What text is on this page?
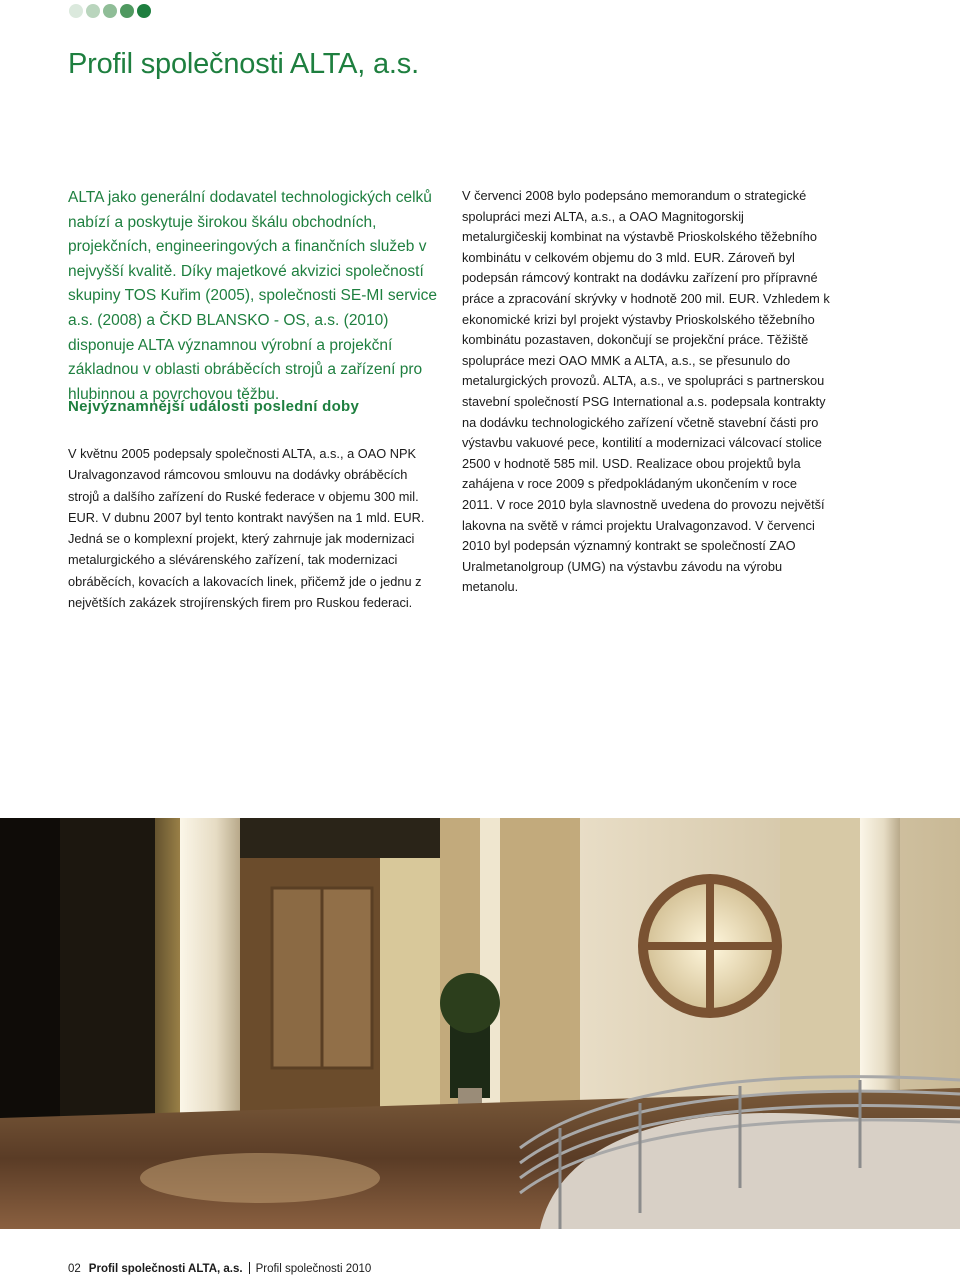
Profil společnosti ALTA, a.s.

ALTA jako generální dodavatel technologických celků nabízí a poskytuje širokou škálu obchodních, projekčních, engineeringových a finančních služeb v nejvyšší kvalitě. Díky majetkové akvizici společností skupiny TOS Kuřim (2005), společnosti SE-MI service a.s. (2008) a ČKD BLANSKO - OS, a.s. (2010) disponuje ALTA významnou výrobní a projekční základnou v oblasti obráběcích strojů a zařízení pro hlubinnou a povrchovou těžbu.

Nejvýznamnější události poslední doby

V květnu 2005 podepsaly společnosti ALTA, a.s., a OAO NPK Uralvagonzavod rámcovou smlouvu na dodávky obráběcích strojů a dalšího zařízení do Ruské federace v objemu 300 mil. EUR. V dubnu 2007 byl tento kontrakt navýšen na 1 mld. EUR. Jedná se o komplexní projekt, který zahrnuje jak modernizaci metalurgického a slévárenského zařízení, tak modernizaci obráběcích, kovacích a lakovacích linek, přičemž jde o jednu z největších zakázek strojírenských firem pro Ruskou federaci.

V červenci 2008 bylo podepsáno memorandum o strategické spolupráci mezi ALTA, a.s., a OAO Magnitogorskij metalurgičeskij kombinat na výstavbě Prioskolského těžebního kombinátu v celkovém objemu do 3 mld. EUR. Zároveň byl podepsán rámcový kontrakt na dodávku zařízení pro přípravné práce a zpracování skrývky v hodnotě 200 mil. EUR. Vzhledem k ekonomické krizi byl projekt výstavby Prioskolského těžebního kombinátu pozastaven, dokončují se projekční práce. Těžiště spolupráce mezi OAO MMK a ALTA, a.s., se přesunulo do metalurgických provozů. ALTA, a.s., ve spolupráci s partnerskou stavební společností PSG International a.s. podepsala kontrakty na dodávku technologického zařízení včetně stavební části pro výstavbu vakuové pece, kontilití a modernizaci válcovací stolice 2500 v hodnotě 585 mil. USD. Realizace obou projektů byla zahájena v roce 2009 s předpokládaným ukončením v roce 2011. V roce 2010 byla slavnostně uvedena do provozu největší lakovna na světě v rámci projektu Uralvagonzavod. V červenci 2010 byl podepsán významný kontrakt se společností ZAO Uralmetanolgroup (UMG) na výstavbu závodu na výrobu metanolu.

02 Profil společnosti ALTA, a.s. Profil společnosti 2010
